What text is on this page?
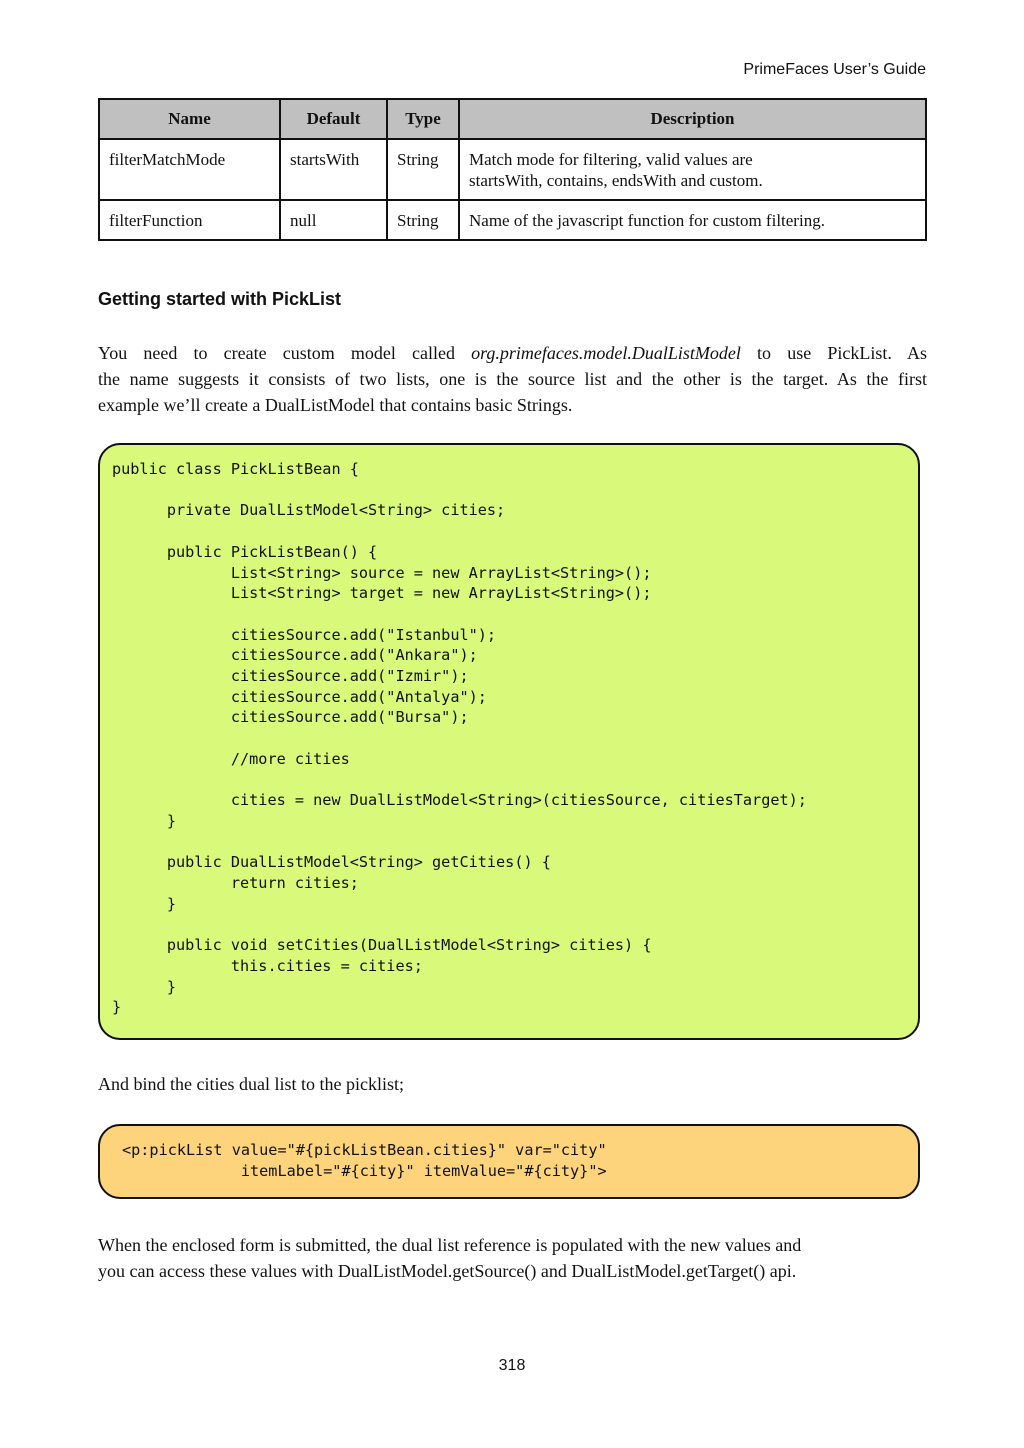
PrimeFaces User’s Guide
Name	Default	Type	Description
filterMatchMode	startsWith	String	Match mode for filtering, valid values are
startsWith, contains, endsWith and custom.
filterFunction	null	String	Name of the javascript function for custom filtering.
Getting started with PickList

You need to create custom model called org.primefaces.model.DualListModel to use PickList. As
the name suggests it consists of two lists, one is the source list and the other is the target. As the first
example we’ll create a DualListModel that contains basic Strings.

public class PickListBean {

private DualListModel<String> cities;

public PickListBean() {
List<String> source = new ArrayList<String>();
List<String> target = new ArrayList<String>();

citiesSource.add("Istanbul");
citiesSource.add("Ankara");
citiesSource.add("Izmir");
citiesSource.add("Antalya");
citiesSource.add("Bursa");

//more cities

cities = new DualListModel<String>(citiesSource, citiesTarget);
}

public DualListModel<String> getCities() {
return cities;
}

public void setCities(DualListModel<String> cities) {
this.cities = cities;
}
}

And bind the cities dual list to the picklist;

<p:pickList value="#{pickListBean.cities}" var="city"
itemLabel="#{city}" itemValue="#{city}">

When the enclosed form is submitted, the dual list reference is populated with the new values and
you can access these values with DualListModel.getSource() and DualListModel.getTarget() api.

318
